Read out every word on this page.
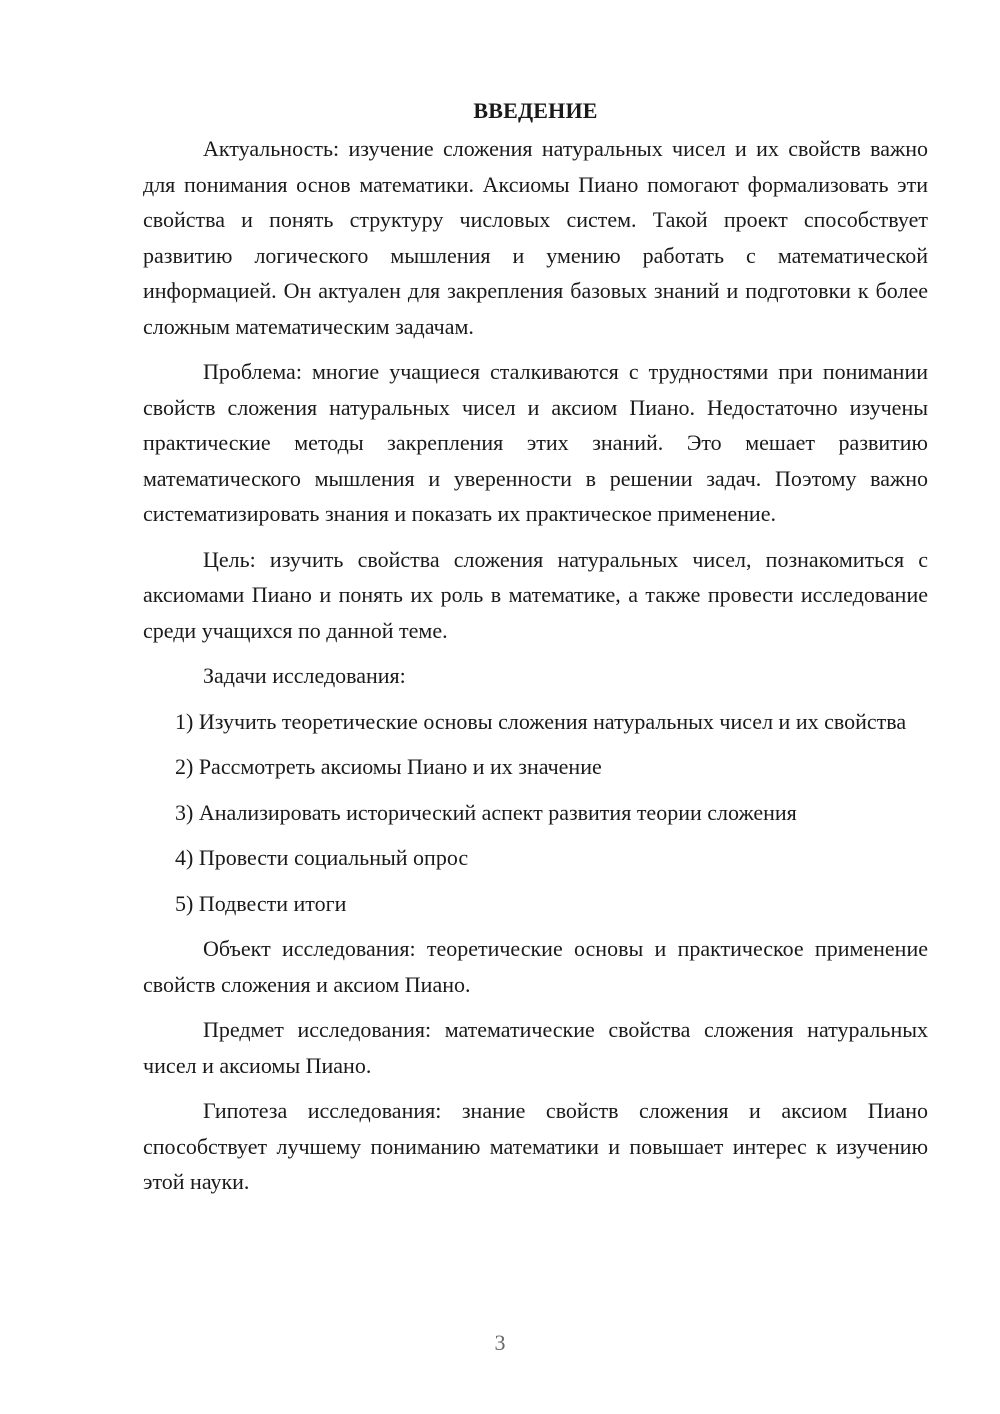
ВВЕДЕНИЕ

Актуальность: изучение сложения натуральных чисел и их свойств важно для понимания основ математики. Аксиомы Пиано помогают формализовать эти свойства и понять структуру числовых систем. Такой проект способствует развитию логического мышления и умению работать с математической информацией. Он актуален для закрепления базовых знаний и подготовки к более сложным математическим задачам.

Проблема: многие учащиеся сталкиваются с трудностями при понимании свойств сложения натуральных чисел и аксиом Пиано. Недостаточно изучены практические методы закрепления этих знаний. Это мешает развитию математического мышления и уверенности в решении задач. Поэтому важно систематизировать знания и показать их практическое применение.

Цель: изучить свойства сложения натуральных чисел, познакомиться с аксиомами Пиано и понять их роль в математике, а также провести исследование среди учащихся по данной теме.

Задачи исследования:

1) Изучить теоретические основы сложения натуральных чисел и их свойства

2) Рассмотреть аксиомы Пиано и их значение

3) Анализировать исторический аспект развития теории сложения

4) Провести социальный опрос

5) Подвести итоги

Объект исследования: теоретические основы и практическое применение свойств сложения и аксиом Пиано.

Предмет исследования: математические свойства сложения натуральных чисел и аксиомы Пиано.

Гипотеза исследования: знание свойств сложения и аксиом Пиано способствует лучшему пониманию математики и повышает интерес к изучению этой науки.

3
